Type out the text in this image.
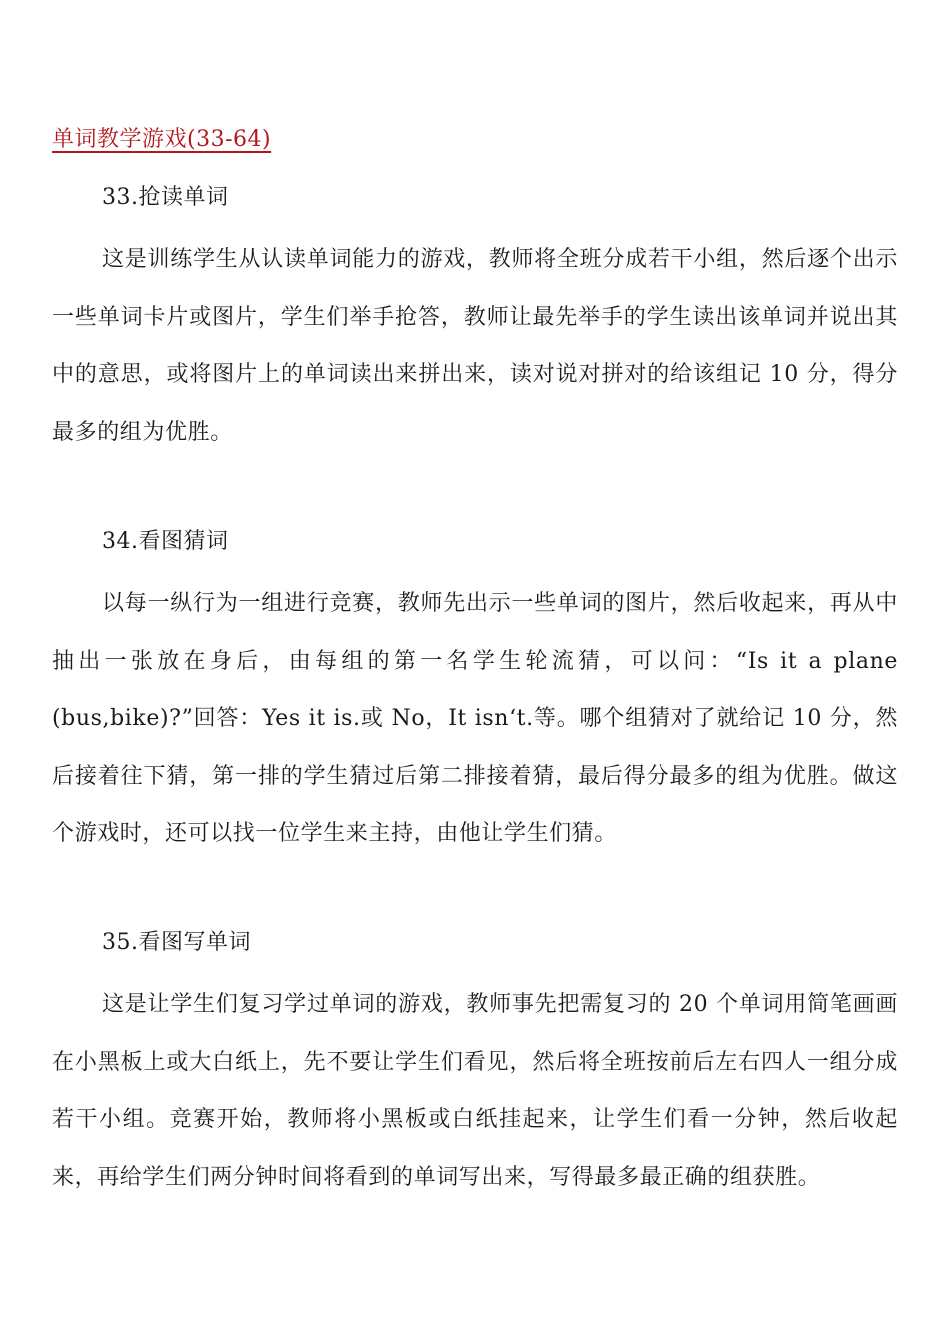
单词教学游戏(33-64)
33.抢读单词

这是训练学生从认读单词能力的游戏，教师将全班分成若干小组，然后逐个出示一些单词卡片或图片，学生们举手抢答，教师让最先举手的学生读出该单词并说出其中的意思，或将图片上的单词读出来拼出来，读对说对拼对的给该组记 10 分，得分最多的组为优胜。

34.看图猜词

以每一纵行为一组进行竞赛，教师先出示一些单词的图片，然后收起来，再从中抽出一张放在身后，由每组的第一名学生轮流猜，可以问：“Is it a plane (bus,bike)?”回答：Yes it is.或 No，It isn‘t.等。哪个组猜对了就给记 10 分，然后接着往下猜，第一排的学生猜过后第二排接着猜，最后得分最多的组为优胜。做这个游戏时，还可以找一位学生来主持，由他让学生们猜。

35.看图写单词

这是让学生们复习学过单词的游戏，教师事先把需复习的 20 个单词用简笔画画在小黑板上或大白纸上，先不要让学生们看见，然后将全班按前后左右四人一组分成若干小组。竞赛开始，教师将小黑板或白纸挂起来，让学生们看一分钟，然后收起来，再给学生们两分钟时间将看到的单词写出来，写得最多最正确的组获胜。
